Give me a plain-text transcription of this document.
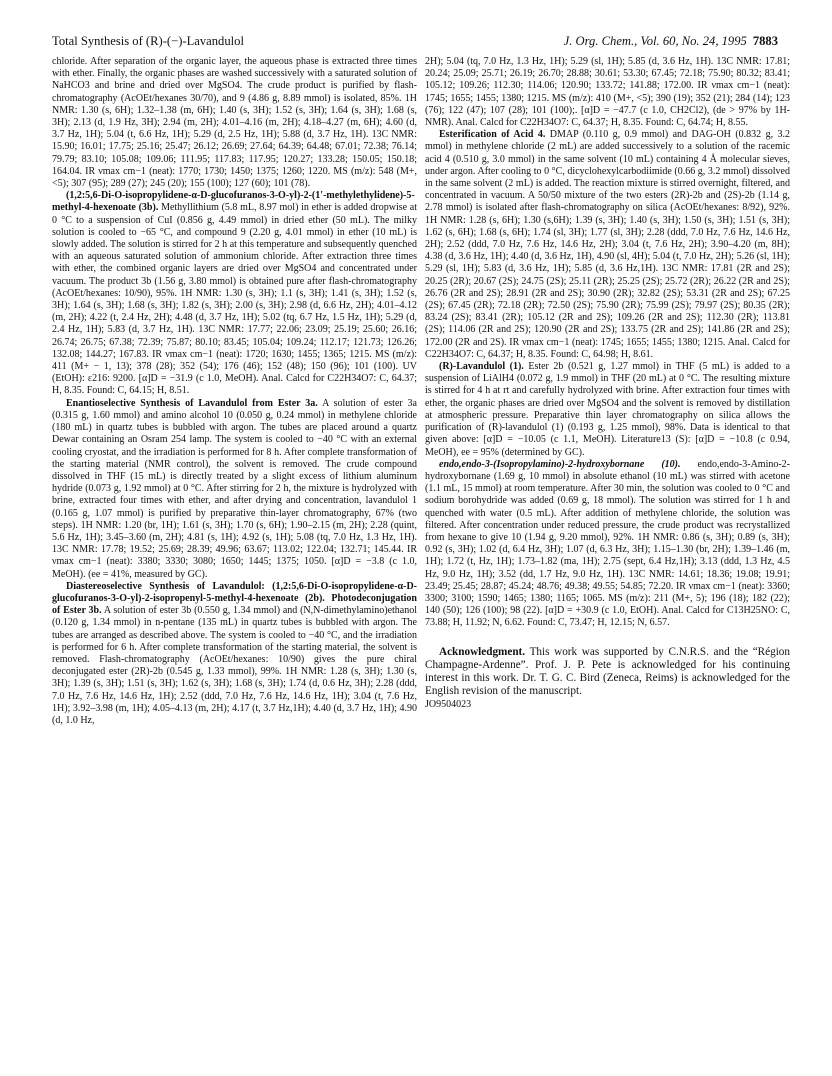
Total Synthesis of (R)-(−)-Lavandulol	J. Org. Chem., Vol. 60, No. 24, 1995 7883

chloride. After separation of the organic layer, the aqueous phase is extracted three times with ether. Finally, the organic phases are washed successively with a saturated solution of NaHCO3 and brine and dried over MgSO4. The crude product is purified by flash-chromatography (AcOEt/hexanes 30/70), and 9 (4.86 g, 8.89 mmol) is isolated, 85%. 1H NMR: 1.30 (s, 6H); 1.32–1.38 (m, 6H); 1.40 (s, 3H); 1.52 (s, 3H); 1.64 (s, 3H); 1.68 (s, 3H); 2.13 (d, 1.9 Hz, 3H); 2.94 (m, 2H); 4.01–4.16 (m, 2H); 4.18–4.27 (m, 6H); 4.60 (d, 3.7 Hz, 1H); 5.04 (t, 6.6 Hz, 1H); 5.29 (d, 2.5 Hz, 1H); 5.88 (d, 3.7 Hz, 1H). 13C NMR: 15.90; 16.01; 17.75; 25.16; 25.47; 26.12; 26.69; 27.64; 64.39; 64.48; 67.01; 72.38; 76.14; 79.79; 83.10; 105.08; 109.06; 111.95; 117.83; 117.95; 120.27; 133.28; 150.05; 150.18; 164.04. IR νmax cm−1 (neat): 1770; 1730; 1450; 1375; 1260; 1220. MS (m/z): 548 (M+, <5); 307 (95); 289 (27); 245 (20); 155 (100); 127 (60); 101 (78).

(1,2:5,6-Di-O-isopropylidene-α-D-glucofuranos-3-O-yl)-2-(1′-methylethylidene)-5-methyl-4-hexenoate (3b). Methyllithium (5.8 mL, 8.97 mol) in ether is added dropwise at 0 °C to a suspension of CuI (0.856 g, 4.49 mmol) in dried ether (50 mL). The milky solution is cooled to −65 °C, and compound 9 (2.20 g, 4.01 mmol) in ether (10 mL) is slowly added. The solution is stirred for 2 h at this temperature and subsequently quenched with an aqueous saturated solution of ammonium chloride. After extraction three times with ether, the combined organic layers are dried over MgSO4 and concentrated under vacuum. The product 3b (1.56 g, 3.80 mmol) is obtained pure after flash-chromatography (AcOEt/hexanes: 10/90), 95%. 1H NMR: 1.30 (s, 3H); 1.1 (s, 3H); 1.41 (s, 3H); 1.52 (s, 3H); 1.64 (s, 3H); 1.68 (s, 3H); 1.82 (s, 3H); 2.00 (s, 3H); 2.98 (d, 6.6 Hz, 2H); 4.01–4.12 (m, 2H); 4.22 (t, 2.4 Hz, 2H); 4.48 (d, 3.7 Hz, 1H); 5.02 (tq, 6.7 Hz, 1.5 Hz, 1H); 5.29 (d, 2.4 Hz, 1H); 5.83 (d, 3.7 Hz, 1H). 13C NMR: 17.77; 22.06; 23.09; 25.19; 25.60; 26.16; 26.74; 26.75; 67.38; 72.39; 75.87; 80.10; 83.45; 105.04; 109.24; 112.17; 121.73; 126.26; 132.08; 144.27; 167.83. IR νmax cm−1 (neat): 1720; 1630; 1455; 1365; 1215. MS (m/z): 411 (M+ − 1, 13); 378 (28); 352 (54); 176 (46); 152 (48); 150 (96); 101 (100). UV (EtOH): ε216: 9200. [α]D = −31.9 (c 1.0, MeOH). Anal. Calcd for C22H34O7: C, 64.37; H, 8.35. Found: C, 64.15; H, 8.51.

Enantioselective Synthesis of Lavandulol from Ester 3a. A solution of ester 3a (0.315 g, 1.60 mmol) and amino alcohol 10 (0.050 g, 0.24 mmol) in methylene chloride (180 mL) in quartz tubes is bubbled with argon. The tubes are placed around a quartz Dewar containing an Osram 254 lamp. The system is cooled to −40 °C with an external cooling cryostat, and the irradiation is performed for 8 h. After complete transformation of the starting material (NMR control), the solvent is removed. The crude compound dissolved in THF (15 mL) is directly treated by a slight excess of lithium aluminum hydride (0.073 g, 1.92 mmol) at 0 °C. After stirring for 2 h, the mixture is hydrolyzed with brine, extracted four times with ether, and after drying and concentration, lavandulol 1 (0.165 g, 1.07 mmol) is purified by preparative thin-layer chromatography, 67% (two steps). 1H NMR: 1.20 (br, 1H); 1.61 (s, 3H); 1.70 (s, 6H); 1.90–2.15 (m, 2H); 2.28 (quint, 5.6 Hz, 1H); 3.45–3.60 (m, 2H); 4.81 (s, 1H); 4.92 (s, 1H); 5.08 (tq, 7.0 Hz, 1.3 Hz, 1H). 13C NMR: 17.78; 19.52; 25.69; 28.39; 49.96; 63.67; 113.02; 122.04; 132.71; 145.44. IR νmax cm−1 (neat): 3380; 3330; 3080; 1650; 1445; 1375; 1050. [α]D = −3.8 (c 1.0, MeOH). (ee = 41%, measured by GC).

Diastereoselective Synthesis of Lavandulol: (1,2:5,6-Di-O-isopropylidene-α-D-glucofuranos-3-O-yl)-2-isopropenyl-5-methyl-4-hexenoate (2b). Photodeconjugation of Ester 3b. A solution of ester 3b (0.550 g, 1.34 mmol) and (N,N-dimethylamino)ethanol (0.120 g, 1.34 mmol) in n-pentane (135 mL) in quartz tubes is bubbled with argon. The tubes are arranged as described above. The system is cooled to −40 °C, and the irradiation is performed for 6 h. After complete transformation of the starting material, the solvent is removed. Flash-chromatography (AcOEt/hexanes: 10/90) gives the pure chiral deconjugated ester (2R)-2b (0.545 g, 1.33 mmol), 99%. 1H NMR: 1.28 (s, 3H); 1.30 (s, 3H); 1.39 (s, 3H); 1.51 (s, 3H); 1.62 (s, 3H); 1.68 (s, 3H); 1.74 (d, 0.6 Hz, 3H); 2.28 (ddd, 7.0 Hz, 7.6 Hz, 14.6 Hz, 1H); 2.52 (ddd, 7.0 Hz, 7.6 Hz, 14.6 Hz, 1H); 3.04 (t, 7.6 Hz, 1H); 3.92–3.98 (m, 1H); 4.05–4.13 (m, 2H); 4.17 (t, 3.7 Hz,1H); 4.40 (d, 3.7 Hz, 1H); 4.90 (d, 1.0 Hz,

2H); 5.04 (tq, 7.0 Hz, 1.3 Hz, 1H); 5.29 (sl, 1H); 5.85 (d, 3.6 Hz, 1H). 13C NMR: 17.81; 20.24; 25.09; 25.71; 26.19; 26.70; 28.88; 30.61; 53.30; 67.45; 72.18; 75.90; 80.32; 83.41; 105.12; 109.26; 112.30; 114.06; 120.90; 133.72; 141.88; 172.00. IR νmax cm−1 (neat): 1745; 1655; 1455; 1380; 1215. MS (m/z): 410 (M+, <5); 390 (19); 352 (21); 284 (14); 123 (76); 122 (47); 107 (28); 101 (100);. [α]D = −47.7 (c 1.0, CH2Cl2), (de > 97% by 1H-NMR). Anal. Calcd for C22H34O7: C, 64.37; H, 8.35. Found: C, 64.74; H, 8.55.

Esterification of Acid 4. DMAP (0.110 g, 0.9 mmol) and DAG-OH (0.832 g, 3.2 mmol) in methylene chloride (2 mL) are added successively to a solution of the racemic acid 4 (0.510 g, 3.0 mmol) in the same solvent (10 mL) containing 4 Å molecular sieves, under argon. After cooling to 0 °C, dicyclohexylcarbodiimide (0.66 g, 3.2 mmol) dissolved in the same solvent (2 mL) is added. The reaction mixture is stirred overnight, filtered, and concentrated in vacuum. A 50/50 mixture of the two esters (2R)-2b and (2S)-2b (1.14 g, 2.78 mmol) is isolated after flash-chromatography on silica (AcOEt/hexanes: 8/92), 92%. 1H NMR: 1.28 (s, 6H); 1.30 (s,6H); 1.39 (s, 3H); 1.40 (s, 3H); 1.50 (s, 3H); 1.51 (s, 3H); 1.62 (s, 6H); 1.68 (s, 6H); 1.74 (sl, 3H); 1.77 (sl, 3H); 2.28 (ddd, 7.0 Hz, 7.6 Hz, 14.6 Hz, 2H); 2.52 (ddd, 7.0 Hz, 7.6 Hz, 14.6 Hz, 2H); 3.04 (t, 7.6 Hz, 2H); 3.90–4.20 (m, 8H); 4.38 (d, 3.6 Hz, 1H); 4.40 (d, 3.6 Hz, 1H), 4.90 (sl, 4H); 5.04 (t, 7.0 Hz, 2H); 5.26 (sl, 1H); 5.29 (sl, 1H); 5.83 (d, 3.6 Hz, 1H); 5.85 (d, 3.6 Hz,1H). 13C NMR: 17.81 (2R and 2S); 20.25 (2R); 20.67 (2S); 24.75 (2S); 25.11 (2R); 25.25 (2S); 25.72 (2R); 26.22 (2R and 2S); 26.76 (2R and 2S); 28.91 (2R and 2S); 30.90 (2R); 32.82 (2S); 53.31 (2R and 2S); 67.25 (2S); 67.45 (2R); 72.18 (2R); 72.50 (2S); 75.90 (2R); 75.99 (2S); 79.97 (2S); 80.35 (2R); 83.24 (2S); 83.41 (2R); 105.12 (2R and 2S); 109.26 (2R and 2S); 112.30 (2R); 113.81 (2S); 114.06 (2R and 2S); 120.90 (2R and 2S); 133.75 (2R and 2S); 141.86 (2R and 2S); 172.00 (2R and 2S). IR νmax cm−1 (neat): 1745; 1655; 1455; 1380; 1215. Anal. Calcd for C22H34O7: C, 64.37; H, 8.35. Found: C, 64.98; H, 8.61.

(R)-Lavandulol (1). Ester 2b (0.521 g, 1.27 mmol) in THF (5 mL) is added to a suspension of LiAlH4 (0.072 g, 1.9 mmol) in THF (20 mL) at 0 °C. The resulting mixture is stirred for 4 h at rt and carefully hydrolyzed with brine. After extraction four times with ether, the organic phases are dried over MgSO4 and the solvent is removed by distillation at atmospheric pressure. Preparative thin layer chromatography on silica allows the purification of (R)-lavandulol (1) (0.193 g, 1.25 mmol), 98%. Data is identical to that given above: [α]D = −10.05 (c 1.1, MeOH). Literature13 (S): [α]D = −10.8 (c 0.94, MeOH), ee = 95% (determined by GC).

endo,endo-3-(Isopropylamino)-2-hydroxybornane (10). endo,endo-3-Amino-2-hydroxybornane (1.69 g, 10 mmol) in absolute ethanol (10 mL) was stirred with acetone (1.1 mL, 15 mmol) at room temperature. After 30 min, the solution was cooled to 0 °C and sodium borohydride was added (0.69 g, 18 mmol). The solution was stirred for 1 h and quenched with water (0.5 mL). After addition of methylene chloride, the solution was filtered. After concentration under reduced pressure, the crude product was recrystallized from hexane to give 10 (1.94 g, 9.20 mmol), 92%. 1H NMR: 0.86 (s, 3H); 0.89 (s, 3H); 0.92 (s, 3H); 1.02 (d, 6.4 Hz, 3H); 1.07 (d, 6.3 Hz, 3H); 1.15–1.30 (br, 2H); 1.39–1.46 (m, 1H); 1.72 (t, Hz, 1H); 1.73–1.82 (ma, 1H); 2.75 (sept, 6.4 Hz,1H); 3.13 (ddd, 1.3 Hz, 4.5 Hz, 9.0 Hz, 1H); 3.52 (dd, 1.7 Hz, 9.0 Hz, 1H). 13C NMR: 14.61; 18.36; 19.08; 19.91; 23.49; 25.45; 28.87; 45.24; 48.76; 49.38; 49.55; 54.85; 72.20. IR νmax cm−1 (neat): 3360; 3300; 3100; 1590; 1465; 1380; 1165; 1065. MS (m/z): 211 (M+, 5); 196 (18); 182 (22); 140 (50); 126 (100); 98 (22). [α]D = +30.9 (c 1.0, EtOH). Anal. Calcd for C13H25NO: C, 73.88; H, 11.92; N, 6.62. Found: C, 73.47; H, 12.15; N, 6.57.

Acknowledgment. This work was supported by C.N.R.S. and the “Région Champagne-Ardenne”. Prof. J. P. Pete is acknowledged for his continuing interest in this work. Dr. T. G. C. Bird (Zeneca, Reims) is acknowledged for the English revision of the manuscript.

JO9504023
